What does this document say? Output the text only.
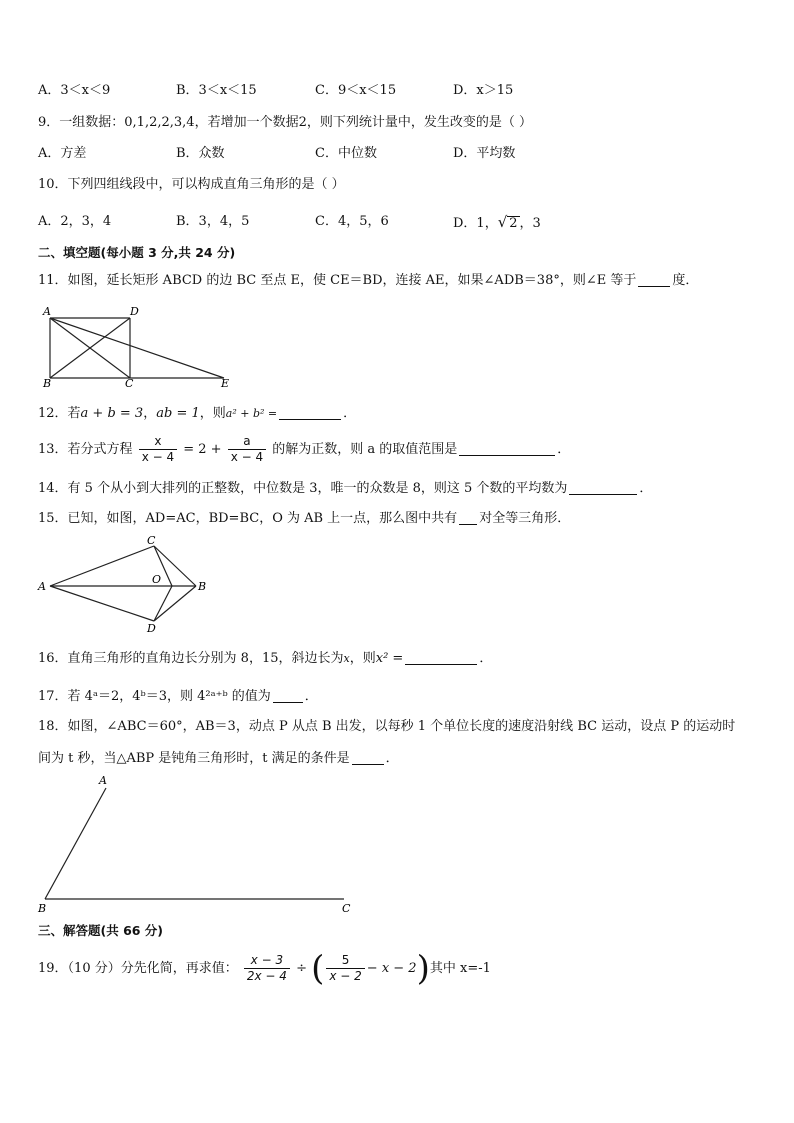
A．3＜x＜9	B．3＜x＜15	C．9＜x＜15	D．x＞15
9．一组数据：0,1,2,2,3,4，若增加一个数据2，则下列统计量中，发生改变的是（ ）
A．方差	B．众数	C．中位数	D．平均数
10．下列四组线段中，可以构成直角三角形的是（ ）
A．2，3，4	B．3，4，5	C．4，5，6	D．1，√ 2 ，3
二、填空题(每小题 3 分,共 24 分)
11．如图，延长矩形 ABCD 的边 BC 至点 E，使 CE＝BD，连接 AE，如果∠ADB＝38°，则∠E 等于	度．
A	D
B	C	E
12．若a + b = 3，ab = 1，则a² + b² =	．
13．若分式方程 $\frac{x}{x - 4} = 2 + \frac{a}{x - 4}$ 的解为正数，则 a 的取值范围是	．
14．有 5 个从小到大排列的正整数，中位数是 3，唯一的众数是 8，则这 5 个数的平均数为	．
15．已知，如图，AD=AC，BD=BC，O 为 AB 上一点，那么图中共有 对全等三角形．
A
C
O
B
D
16．直角三角形的直角边长分别为 8，15，斜边长为x，则x² =	．
17．若 4ᵃ＝2，4ᵇ＝3，则 4²ᵃ⁺ᵇ 的值为	．
18．如图，∠ABC＝60°，AB＝3，动点 P 从点 B 出发，以每秒 1 个单位长度的速度沿射线 BC 运动，设点 P 的运动时
间为 t 秒，当△ABP 是钝角三角形时，t 满足的条件是	．
A
B	C
三、解答题(共 66 分)
19．（10 分）分先化简，再求值： $\frac{x - 3}{2x - 4}$ ÷ ( $\frac{5}{x - 2} - x - 2$)其中 x=-1
